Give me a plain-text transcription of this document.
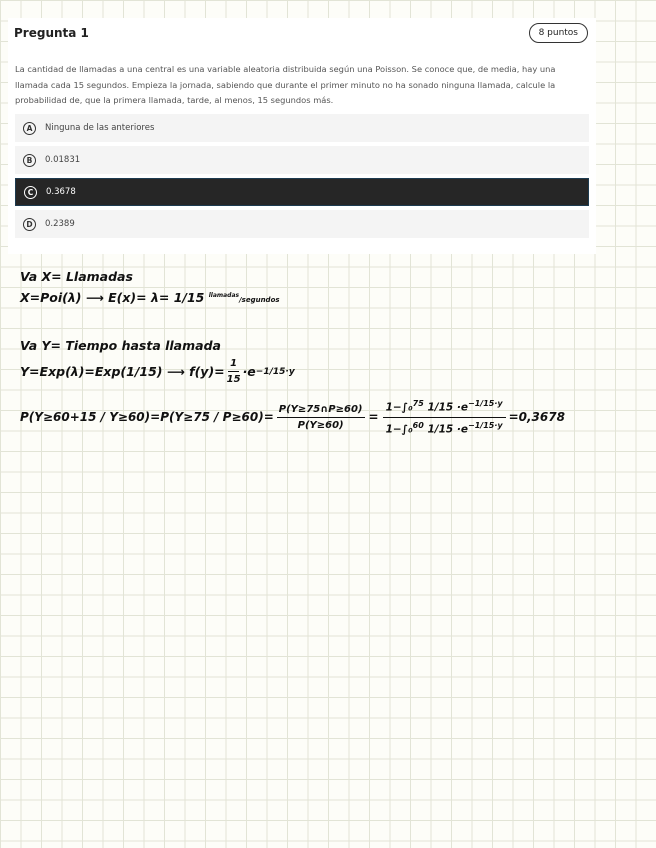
Pregunta 1	8 puntos
La cantidad de llamadas a una central es una variable aleatoria distribuida según una Poisson. Se conoce que, de media, hay una llamada cada 15 segundos. Empieza la jornada, sabiendo que durante el primer minuto no ha sonado ninguna llamada, calcule la probabilidad de, que la primera llamada, tarde, al menos, 15 segundos más.
A	Ninguna de las anteriores
B	0.01831
C	0.3678
D	0.2389
Va X= Llamadas
X=Poi(λ) ⟶ E(x)= λ= 1/15 $^{llamadas}$/segundos
Va Y= Tiempo hasta llamada
Y=Exp(λ)=Exp(1/15) ⟶ $f(y)= \frac{1}{15} \cdot e -1/15\cdot y$
$P(Y\ge 60+15 / Y\ge 60)=P(Y\ge 75 / P\ge 60)= \frac{P(Y\ge 75\cap P\ge 60)}{P(Y\ge 60)} = \frac{1-\int_0^{75} 1/15 \cdot e^{-1/15\cdot y}}{1-\int_0^{60} 1/15 \cdot e^{-1/15\cdot y}} =0,3678$
